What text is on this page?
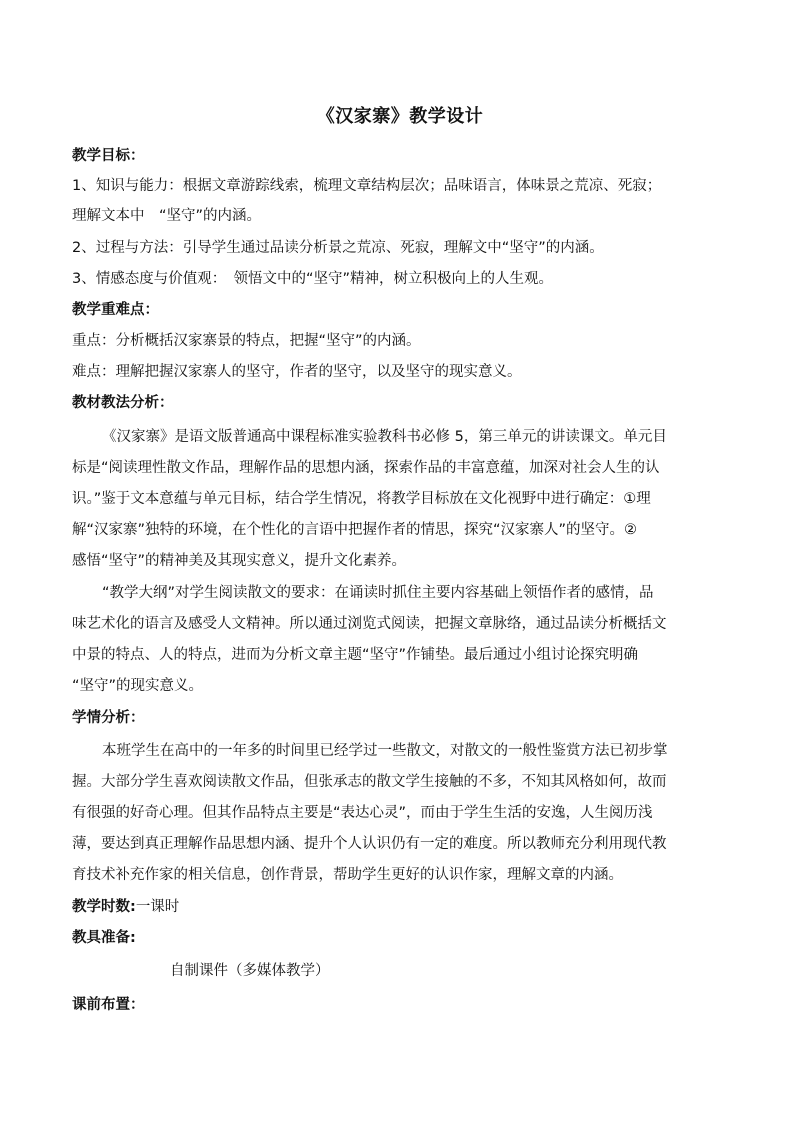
《汉家寨》教学设计
教学目标：
1、知识与能力：根据文章游踪线索，梳理文章结构层次；品味语言，体味景之荒凉、死寂；
理解文本中　“坚守”的内涵。
2、过程与方法：引导学生通过品读分析景之荒凉、死寂，理解文中“坚守”的内涵。
3、情感态度与价值观：　领悟文中的“坚守”精神，树立积极向上的人生观。
教学重难点：
重点：分析概括汉家寨景的特点，把握“坚守”的内涵。
难点：理解把握汉家寨人的坚守，作者的坚守，以及坚守的现实意义。
教材教法分析：
《汉家寨》是语文版普通高中课程标准实验教科书必修 5，第三单元的讲读课文。单元目
标是“阅读理性散文作品，理解作品的思想内涵，探索作品的丰富意蕴，加深对社会人生的认
识。”鉴于文本意蕴与单元目标，结合学生情况，将教学目标放在文化视野中进行确定：①理
解“汉家寨”独特的环境，在个性化的言语中把握作者的情思，探究“汉家寨人”的坚守。②
感悟“坚守”的精神美及其现实意义，提升文化素养。
“教学大纲”对学生阅读散文的要求：在诵读时抓住主要内容基础上领悟作者的感情，品
味艺术化的语言及感受人文精神。所以通过浏览式阅读，把握文章脉络，通过品读分析概括文
中景的特点、人的特点，进而为分析文章主题“坚守”作铺垫。最后通过小组讨论探究明确
“坚守”的现实意义。
学情分析：
本班学生在高中的一年多的时间里已经学过一些散文，对散文的一般性鉴赏方法已初步掌
握。大部分学生喜欢阅读散文作品，但张承志的散文学生接触的不多，不知其风格如何，故而
有很强的好奇心理。但其作品特点主要是“表达心灵”，而由于学生生活的安逸，人生阅历浅
薄，要达到真正理解作品思想内涵、提升个人认识仍有一定的难度。所以教师充分利用现代教
育技术补充作家的相关信息，创作背景，帮助学生更好的认识作家，理解文章的内涵。
教学时数:一课时
教具准备:
自制课件（多媒体教学）
课前布置：
